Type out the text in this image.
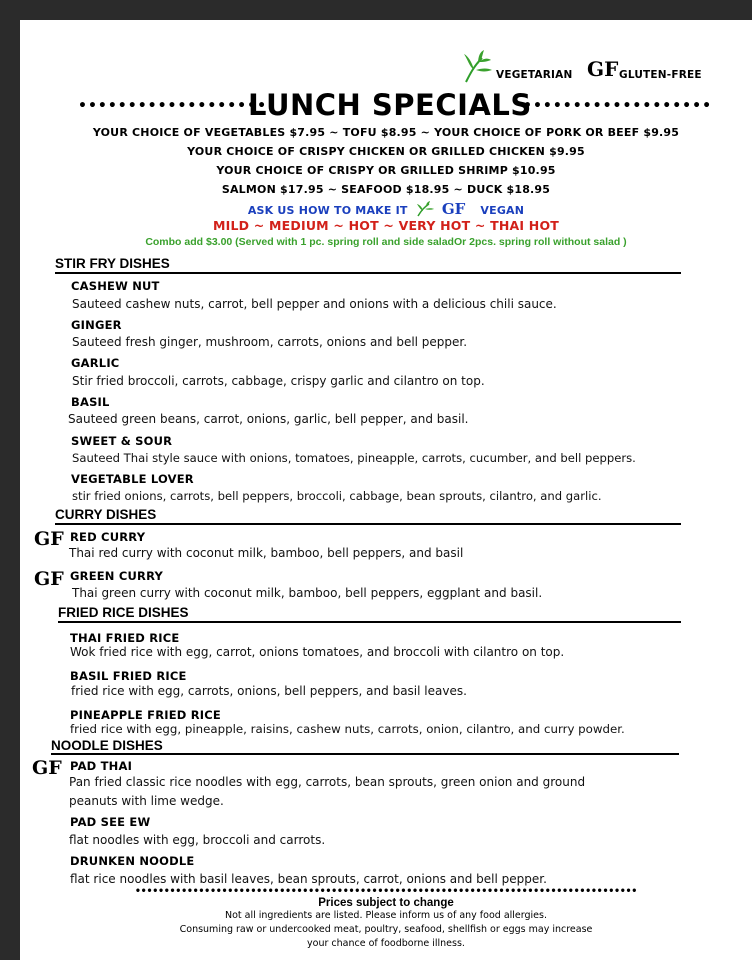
VEGETARIAN GF GLUTEN-FREE
•••••••••••••••••••
LUNCH SPECIALS
•••••••••••••••••••
YOUR CHOICE OF VEGETABLES $7.95 ~ TOFU $8.95 ~ YOUR CHOICE OF PORK OR BEEF $9.95
YOUR CHOICE OF CRISPY CHICKEN OR GRILLED CHICKEN $9.95
YOUR CHOICE OF CRISPY OR GRILLED SHRIMP $10.95
SALMON $17.95 ~ SEAFOOD $18.95 ~ DUCK $18.95
ASK US HOW TO MAKE IT GF VEGAN
MILD ~ MEDIUM ~ HOT ~ VERY HOT ~ THAI HOT
Combo add $3.00 (Served with 1 pc. spring roll and side saladOr 2pcs. spring roll without salad )
STIR FRY DISHES
CASHEW NUT
Sauteed cashew nuts, carrot, bell pepper and onions with a delicious chili sauce.
GINGER
Sauteed fresh ginger, mushroom, carrots, onions and bell pepper.
GARLIC
Stir fried broccoli, carrots, cabbage, crispy garlic and cilantro on top.
BASIL
Sauteed green beans, carrot, onions, garlic, bell pepper, and basil.
SWEET & SOUR
Sauteed Thai style sauce with onions, tomatoes, pineapple, carrots, cucumber, and bell peppers.
VEGETABLE LOVER
stir fried onions, carrots, bell peppers, broccoli, cabbage, bean sprouts, cilantro, and garlic.
CURRY DISHES
GF RED CURRY
Thai red curry with coconut milk, bamboo, bell peppers, and basil
GF GREEN CURRY
Thai green curry with coconut milk, bamboo, bell peppers, eggplant and basil.
FRIED RICE DISHES
THAI FRIED RICE
Wok fried rice with egg, carrot, onions tomatoes, and broccoli with cilantro on top.
BASIL FRIED RICE
fried rice with egg, carrots, onions, bell peppers, and basil leaves.
PINEAPPLE FRIED RICE
fried rice with egg, pineapple, raisins, cashew nuts, carrots, onion, cilantro, and curry powder.
NOODLE DISHES
GF PAD THAI
Pan fried classic rice noodles with egg, carrots, bean sprouts, green onion and ground
peanuts with lime wedge.
PAD SEE EW
flat noodles with egg, broccoli and carrots.
DRUNKEN NOODLE
flat rice noodles with basil leaves, bean sprouts, carrot, onions and bell pepper.
•••••••••••••••••••••••••••••••••••••••••••••••••••••••••••••••••••••••••••••••••••••••
Prices subject to change
Not all ingredients are listed. Please inform us of any food allergies.
Consuming raw or undercooked meat, poultry, seafood, shellfish or eggs may increase
your chance of foodborne illness.
